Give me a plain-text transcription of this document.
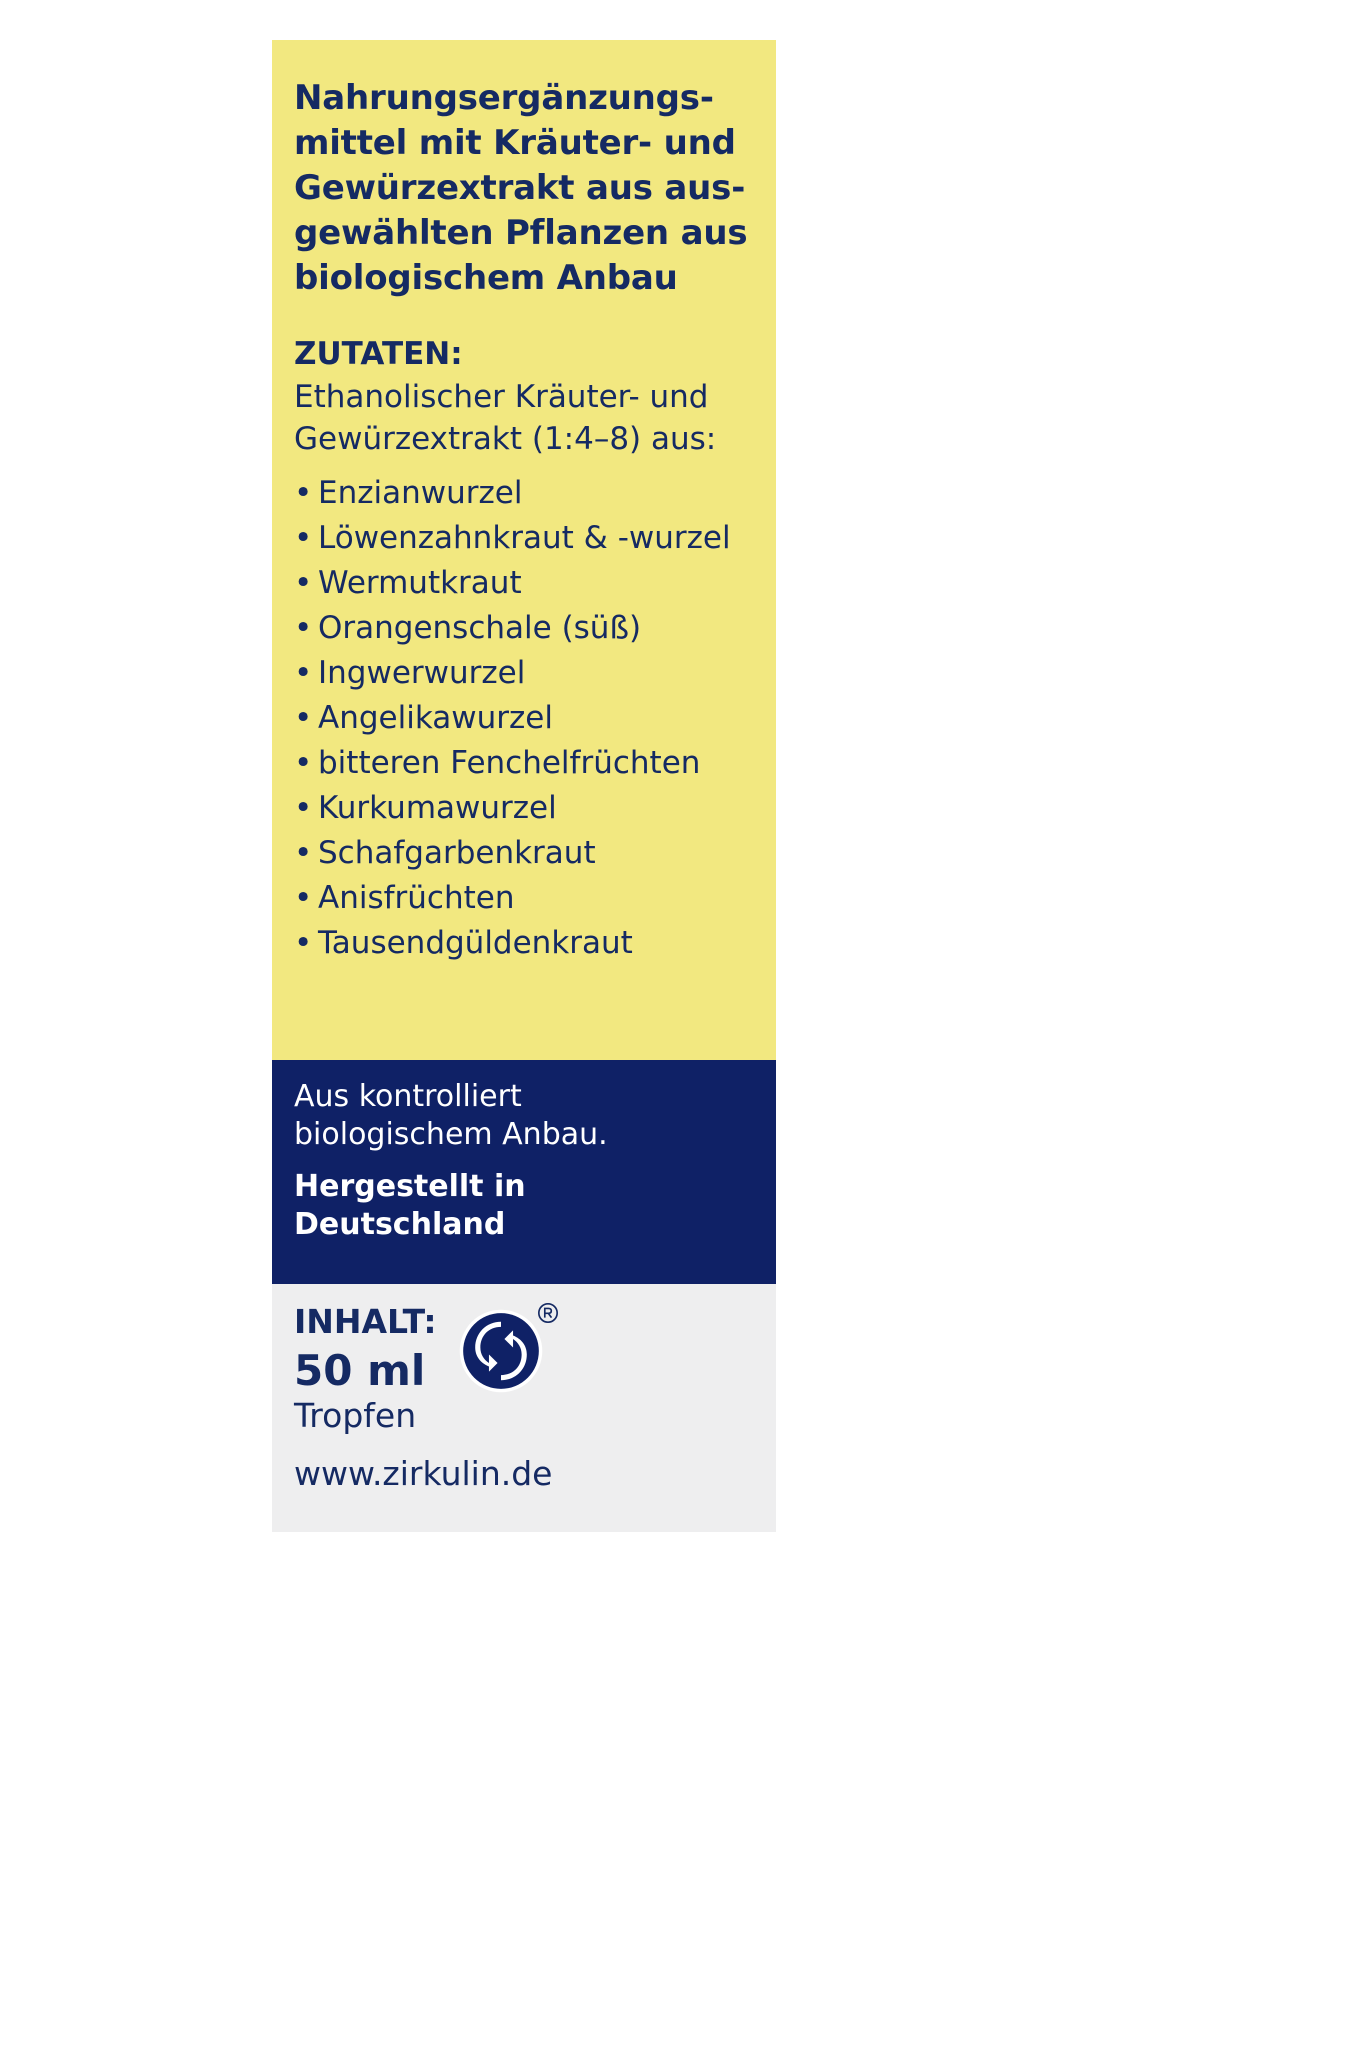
Nahrungsergänzungs-
mittel mit Kräuter- und
Gewürzextrakt aus aus-
gewählten Pflanzen aus
biologischem Anbau
ZUTATEN:
Ethanolischer Kräuter- und
Gewürzextrakt (1:4–8) aus:
• Enzianwurzel
• Löwenzahnkraut & -wurzel
• Wermutkraut
• Orangenschale (süß)
• Ingwerwurzel
• Angelikawurzel
• bitteren Fenchelfrüchten
• Kurkumawurzel
• Schafgarbenkraut
• Anisfrüchten
• Tausendgüldenkraut
Aus kontrolliert
biologischem Anbau.
Hergestellt in
Deutschland
INHALT:
50 ml
Tropfen
www.zirkulin.de
